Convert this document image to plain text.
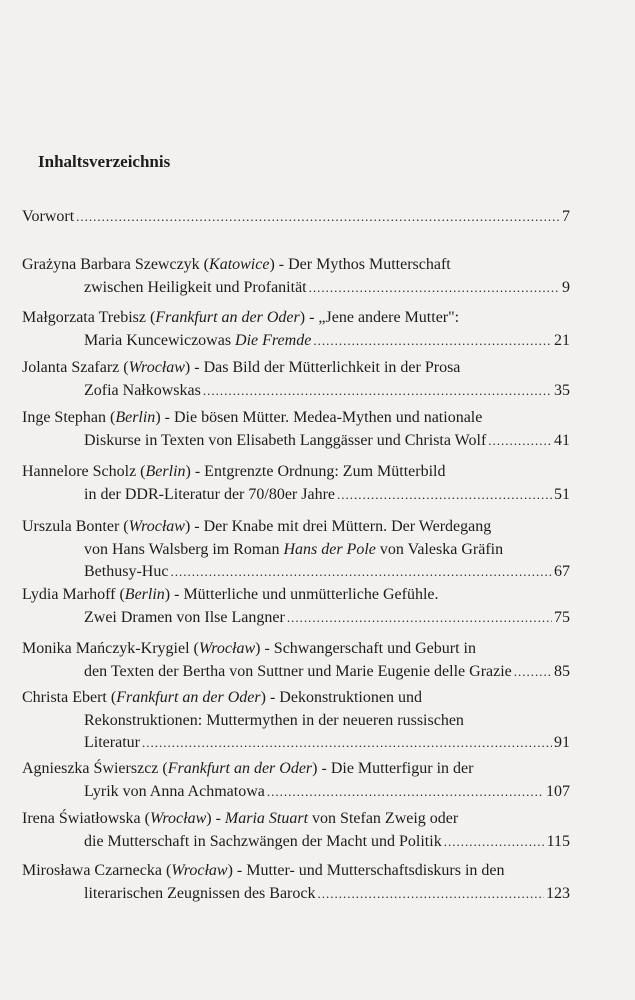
Inhaltsverzeichnis
Vorwort .....	7
Grażyna Barbara Szewczyk (Katowice) - Der Mythos Mutterschaft
zwischen Heiligkeit und Profanität .....	9
Małgorzata Trebisz (Frankfurt an der Oder) - „Jene andere Mutter":
Maria Kuncewiczowas Die Fremde .....	21
Jolanta Szafarz (Wrocław) - Das Bild der Mütterlichkeit in der Prosa
Zofia Nałkowskas .....	35
Inge Stephan (Berlin) - Die bösen Mütter. Medea-Mythen und nationale
Diskurse in Texten von Elisabeth Langgässer und Christa Wolf .....	41
Hannelore Scholz (Berlin) - Entgrenzte Ordnung: Zum Mütterbild
in der DDR-Literatur der 70/80er Jahre .....	51
Urszula Bonter (Wrocław) - Der Knabe mit drei Müttern. Der Werdegang
von Hans Walsberg im Roman Hans der Pole von Valeska Gräfin
Bethusy-Huc .....	67
Lydia Marhoff (Berlin) - Mütterliche und unmütterliche Gefühle.
Zwei Dramen von Ilse Langner .....	75
Monika Mańczyk-Krygiel (Wrocław) - Schwangerschaft und Geburt in
den Texten der Bertha von Suttner und Marie Eugenie delle Grazie .....	85
Christa Ebert (Frankfurt an der Oder) - Dekonstruktionen und
Rekonstruktionen: Muttermythen in der neueren russischen
Literatur .....	91
Agnieszka Świerszcz (Frankfurt an der Oder) - Die Mutterfigur in der
Lyrik von Anna Achmatowa .....	107
Irena Światłowska (Wrocław) - Maria Stuart von Stefan Zweig oder
die Mutterschaft in Sachzwängen der Macht und Politik .....	115
Mirosława Czarnecka (Wrocław) - Mutter- und Mutterschaftsdiskurs in den
literarischen Zeugnissen des Barock .....	123
